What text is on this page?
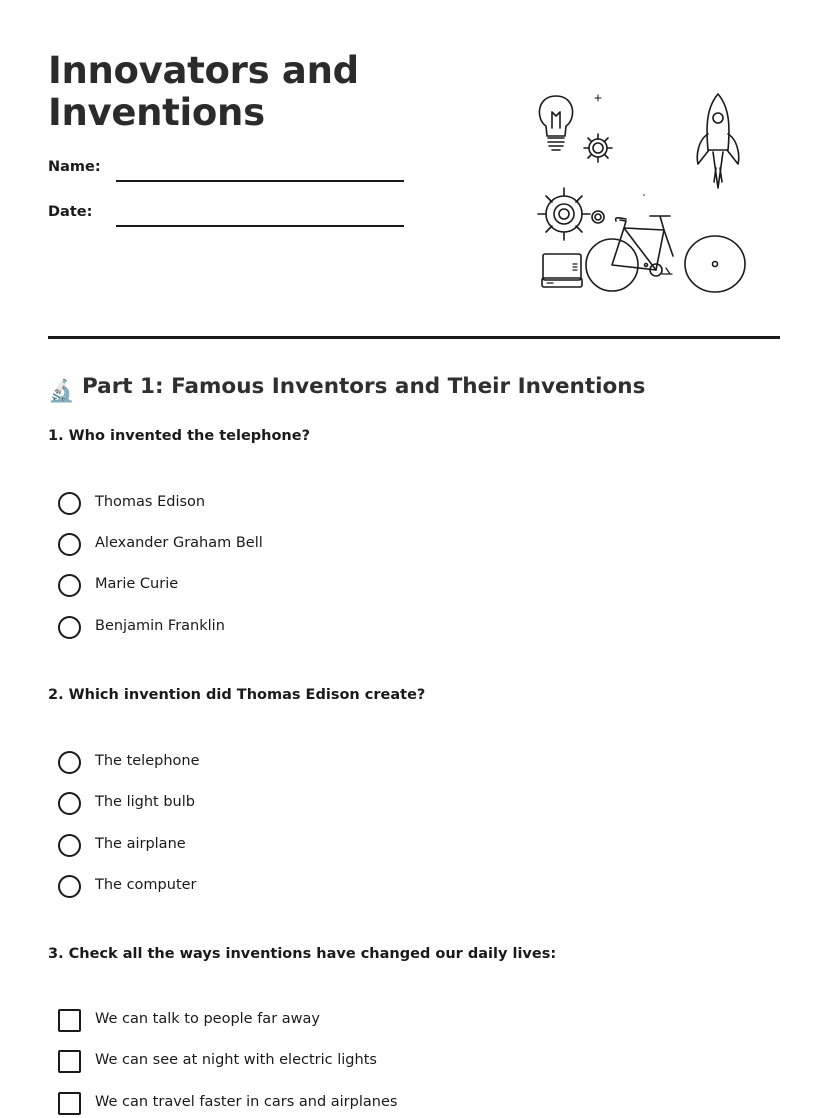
Innovators and
Inventions
Name:
Date:
🔬 Part 1: Famous Inventors and Their Inventions
1. Who invented the telephone?
Thomas Edison
Alexander Graham Bell
Marie Curie
Benjamin Franklin
2. Which invention did Thomas Edison create?
The telephone
The light bulb
The airplane
The computer
3. Check all the ways inventions have changed our daily lives:
We can talk to people far away
We can see at night with electric lights
We can travel faster in cars and airplanes
